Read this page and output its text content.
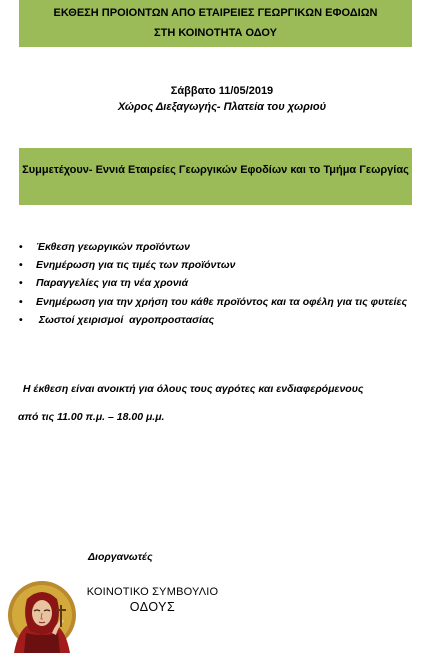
ΕΚΘΕΣΗ ΠΡΟΙΟΝΤΩΝ ΑΠΟ ΕΤΑΙΡΕΙΕΣ ΓΕΩΡΓΙΚΩΝ ΕΦΟΔΙΩΝ
ΣΤΗ ΚΟΙΝΟΤΗΤΑ ΟΔΟΥ
Σάββατο 11/05/2019
Χώρος Διεξαγωγής- Πλατεία του χωριού
Συμμετέχουν- Εννιά Εταιρείες Γεωργικών Εφοδίων και το Τμήμα Γεωργίας
• Έκθεση γεωργικών προϊόντων
• Ενημέρωση για τις τιμές των προϊόντων
• Παραγγελίες για τη νέα χρονιά
• Ενημέρωση για την χρήση του κάθε προϊόντος και τα οφέλη για τις φυτείες
•  Σωστοί χειρισμοί  αγροπροστασίας
Η έκθεση είναι ανοικτή για όλους τους αγρότες και ενδιαφερόμενους
από τις 11.00 π.μ. – 18.00 μ.μ.
Διοργανωτές
ΚΟΙΝΟΤΙΚΟ ΣΥΜΒΟΥΛΙΟ
ΟΔΟΥΣ
